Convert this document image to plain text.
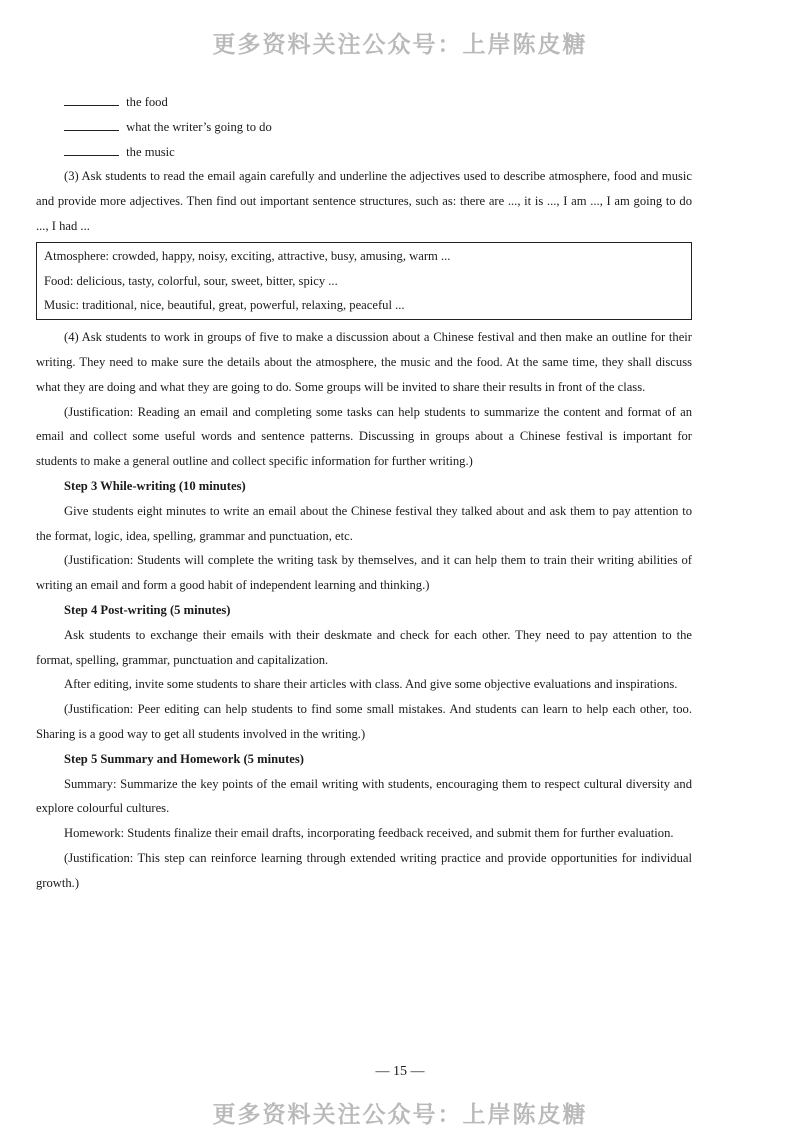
更多资料关注公众号：上岸陈皮糖

the food

what the writer’s going to do

the music

(3) Ask students to read the email again carefully and underline the adjectives used to describe atmosphere, food and music and provide more adjectives. Then find out important sentence structures, such as: there are ..., it is ..., I am ..., I am going to do ..., I had ...

Atmosphere: crowded, happy, noisy, exciting, attractive, busy, amusing, warm ...

Food: delicious, tasty, colorful, sour, sweet, bitter, spicy ...

Music: traditional, nice, beautiful, great, powerful, relaxing, peaceful ...

(4) Ask students to work in groups of five to make a discussion about a Chinese festival and then make an outline for their writing. They need to make sure the details about the atmosphere, the music and the food. At the same time, they shall discuss what they are doing and what they are going to do. Some groups will be invited to share their results in front of the class.

(Justification: Reading an email and completing some tasks can help students to summarize the content and format of an email and collect some useful words and sentence patterns. Discussing in groups about a Chinese festival is important for students to make a general outline and collect specific information for further writing.)

Step 3 While-writing (10 minutes)

Give students eight minutes to write an email about the Chinese festival they talked about and ask them to pay attention to the format, logic, idea, spelling, grammar and punctuation, etc.

(Justification: Students will complete the writing task by themselves, and it can help them to train their writing abilities of writing an email and form a good habit of independent learning and thinking.)

Step 4 Post-writing (5 minutes)

Ask students to exchange their emails with their deskmate and check for each other. They need to pay attention to the format, spelling, grammar, punctuation and capitalization.

After editing, invite some students to share their articles with class. And give some objective evaluations and inspirations.

(Justification: Peer editing can help students to find some small mistakes. And students can learn to help each other, too. Sharing is a good way to get all students involved in the writing.)

Step 5 Summary and Homework (5 minutes)

Summary: Summarize the key points of the email writing with students, encouraging them to respect cultural diversity and explore colourful cultures.

Homework: Students finalize their email drafts, incorporating feedback received, and submit them for further evaluation.

(Justification: This step can reinforce learning through extended writing practice and provide opportunities for individual growth.)

— 15 —
更多资料关注公众号：上岸陈皮糖
